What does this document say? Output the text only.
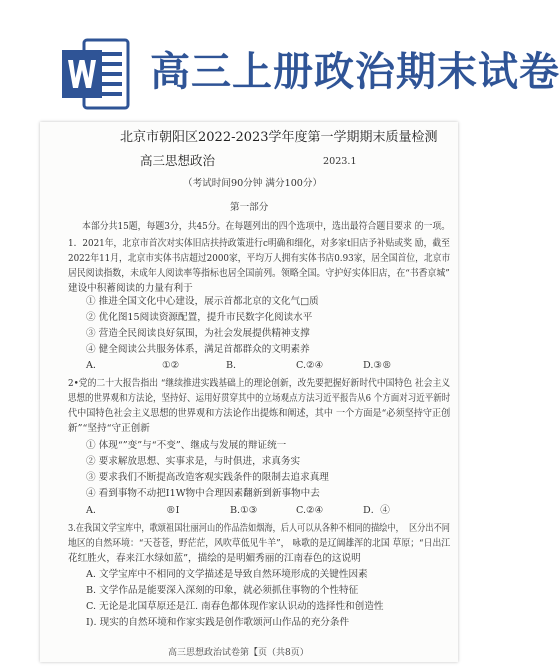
高三上册政治期末试卷
北京市朝阳区2022-2023学年度第一学期期末质量检测
高三思想政治	2023.1
（考试时间90分钟 满分100分）
第一部分
本部分共15题，每题3分，共45分。在每题列出的四个选项中，选出最符合题目要求 的一项。
1．2021年，北京市首次对实体旧店扶持政策进行c明确和细化，对多家t旧店予补贴或奖 励，截至
2022年11月，北京市实体书店超过2000家，平均万人拥有实体书店0.93家，居全国首位，北京市
居民阅读指数，未成年人阅读率等指标也居全国前列。领略全国。守护好实体旧店，在“书香京城”
建设中积蓄阅读的力量有利于
① 推进全国文化中心建设，展示首都北京的文化气□质
② 优化图15阅读资源配置，提升市民数字化阅读水平
③ 营造全民阅读良好氛围，为社会发展提供精神支撑
④ 健全阅读公共服务体系，满足首都群众的文明素养
A．	①②	B．	C.②④	D.③®
2•党的二十大报告指出 “继续推进实践基础上的理论创新，改先要把握好新时代中国特色 社会主义
思想的世界观和方法论，坚持好、运用好贯穿其中的立场观点方法习近平报告从6 个方面对习近平新时
代中国特色社会主义思想的世界观和方法论作出提炼和阐述，其中 一个方面是“必须坚持守正创
新”“坚持“守正创新
① 体现“”变”与“不变”、继成与发展的辩证统一
② 要求解放思想、实事求是，与时俱进，求真务实
③ 要求我们不断提高改造客观实践条件的限制去追求真理
④ 看到事物不动把I1W物中合理因素翻新到新事物中去
A．	®I	B.①③	C.②④	D．④
3.在我国文学宝库中，歌颂祖国壮丽河山的作品浩如烟海，后人可以从各种不相同的描绘中，  区分出不同
地区的自然环境：“天苍苍，野茫茫，风吹草低见牛羊”， 咏歌的是辽阔雄浑的北国 草原；“日出江
花红胜火，春来江水绿如蓝”，描绘的是明媚秀丽的江南春色的这说明
A. 文学宝库中不相同的文学描述是导致自然环境形成的关键性因素
B. 文学作品是能要深入深刻的印象，就必须抓住事物的个性特征
C. 无论是北国草原还是江. 南春色都体现作家认识动的选择性和创造性
I). 现实的自然环境和作家实践是创作歌颂河山作品的充分条件
高三思想政治试卷第【页（共8页）
